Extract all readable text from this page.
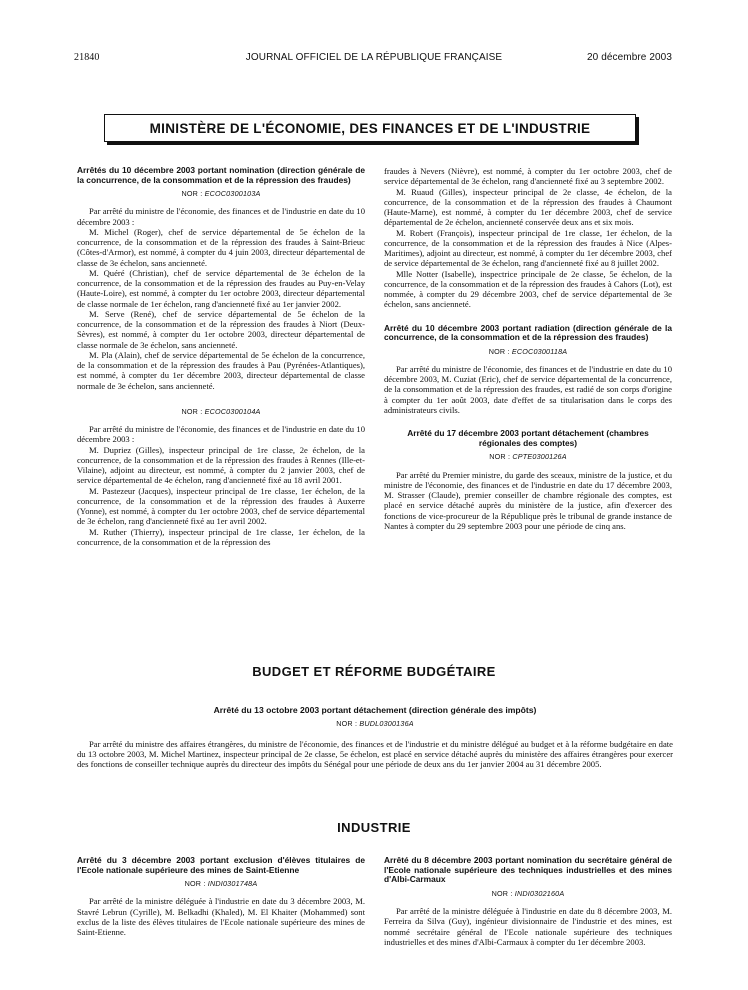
21840	JOURNAL OFFICIEL DE LA RÉPUBLIQUE FRANÇAISE	20 décembre 2003
MINISTÈRE DE L'ÉCONOMIE, DES FINANCES ET DE L'INDUSTRIE
Arrêtés du 10 décembre 2003 portant nomination (direction générale de la concurrence, de la consommation et de la répression des fraudes)
NOR : ECOC0300103A

Par arrêté du ministre de l'économie, des finances et de l'industrie en date du 10 décembre 2003 :

M. Michel (Roger), chef de service départemental de 5e échelon de la concurrence, de la consommation et de la répression des fraudes à Saint-Brieuc (Côtes-d'Armor), est nommé, à compter du 4 juin 2003, directeur départemental de classe de 3e échelon, sans ancienneté.

M. Quéré (Christian), chef de service départemental de 3e échelon de la concurrence, de la consommation et de la répression des fraudes au Puy-en-Velay (Haute-Loire), est nommé, à compter du 1er octobre 2003, directeur départemental de classe normale de 1er échelon, rang d'ancienneté fixé au 1er janvier 2002.

M. Serve (René), chef de service départemental de 5e échelon de la concurrence, de la consommation et de la répression des fraudes à Niort (Deux-Sèvres), est nommé, à compter du 1er octobre 2003, directeur départemental de classe normale de 3e échelon, sans ancienneté.

M. Pla (Alain), chef de service départemental de 5e échelon de la concurrence, de la consommation et de la répression des fraudes à Pau (Pyrénées-Atlantiques), est nommé, à compter du 1er décembre 2003, directeur départemental de classe normale de 3e échelon, sans ancienneté.

NOR : ECOC0300104A

Par arrêté du ministre de l'économie, des finances et de l'industrie en date du 10 décembre 2003 :

M. Dupriez (Gilles), inspecteur principal de 1re classe, 2e échelon, de la concurrence, de la consommation et de la répression des fraudes à Rennes (Ille-et-Vilaine), adjoint au directeur, est nommé, à compter du 2 janvier 2003, chef de service départemental de 4e échelon, rang d'ancienneté fixé au 18 avril 2001.

M. Pastezeur (Jacques), inspecteur principal de 1re classe, 1er échelon, de la concurrence, de la consommation et de la répression des fraudes à Auxerre (Yonne), est nommé, à compter du 1er octobre 2003, chef de service départemental de 3e échelon, rang d'ancienneté fixé au 1er avril 2002.

M. Ruther (Thierry), inspecteur principal de 1re classe, 1er échelon, de la concurrence, de la consommation et de la répression des

fraudes à Nevers (Nièvre), est nommé, à compter du 1er octobre 2003, chef de service départemental de 3e échelon, rang d'ancienneté fixé au 3 septembre 2002.

M. Ruaud (Gilles), inspecteur principal de 2e classe, 4e échelon, de la concurrence, de la consommation et de la répression des fraudes à Chaumont (Haute-Marne), est nommé, à compter du 1er décembre 2003, chef de service départemental de 2e échelon, ancienneté conservée deux ans et six mois.

M. Robert (François), inspecteur principal de 1re classe, 1er échelon, de la concurrence, de la consommation et de la répression des fraudes à Nice (Alpes-Maritimes), adjoint au directeur, est nommé, à compter du 1er décembre 2003, chef de service départemental de 3e échelon, rang d'ancienneté fixé au 8 juillet 2002.

Mlle Notter (Isabelle), inspectrice principale de 2e classe, 5e échelon, de la concurrence, de la consommation et de la répression des fraudes à Cahors (Lot), est nommée, à compter du 29 décembre 2003, chef de service départemental de 3e échelon, sans ancienneté.

Arrêté du 10 décembre 2003 portant radiation (direction générale de la concurrence, de la consommation et de la répression des fraudes)
NOR : ECOC0300118A

Par arrêté du ministre de l'économie, des finances et de l'industrie en date du 10 décembre 2003, M. Cuziat (Eric), chef de service départemental de la concurrence, de la consommation et de la répression des fraudes, est radié de son corps d'origine à compter du 1er août 2003, date d'effet de sa titularisation dans le corps des administrateurs civils.

Arrêté du 17 décembre 2003 portant détachement (chambres régionales des comptes)
NOR : CPTE0300126A

Par arrêté du Premier ministre, du garde des sceaux, ministre de la justice, et du ministre de l'économie, des finances et de l'industrie en date du 17 décembre 2003, M. Strasser (Claude), premier conseiller de chambre régionale des comptes, est placé en service détaché auprès du ministère de la justice, afin d'exercer des fonctions de vice-procureur de la République près le tribunal de grande instance de Nantes à compter du 29 septembre 2003 pour une période de cinq ans.

BUDGET ET RÉFORME BUDGÉTAIRE
Arrêté du 13 octobre 2003 portant détachement (direction générale des impôts)
NOR : BUDL0300136A

Par arrêté du ministre des affaires étrangères, du ministre de l'économie, des finances et de l'industrie et du ministre délégué au budget et à la réforme budgétaire en date du 13 octobre 2003, M. Michel Martinez, inspecteur principal de 2e classe, 5e échelon, est placé en service détaché auprès du ministère des affaires étrangères pour exercer des fonctions de conseiller technique auprès du directeur des impôts du Sénégal pour une période de deux ans du 1er janvier 2004 au 31 décembre 2005.

INDUSTRIE
Arrêté du 3 décembre 2003 portant exclusion d'élèves titulaires de l'Ecole nationale supérieure des mines de Saint-Etienne
NOR : INDI0301748A

Par arrêté de la ministre déléguée à l'industrie en date du 3 décembre 2003, M. Stavré Lebrun (Cyrille), M. Belkadhi (Khaled), M. El Khaiter (Mohammed) sont exclus de la liste des élèves titulaires de l'Ecole nationale supérieure des mines de Saint-Etienne.

Arrêté du 8 décembre 2003 portant nomination du secrétaire général de l'Ecole nationale supérieure des techniques industrielles et des mines d'Albi-Carmaux
NOR : INDI0302160A

Par arrêté de la ministre déléguée à l'industrie en date du 8 décembre 2003, M. Ferreira da Silva (Guy), ingénieur divisionnaire de l'industrie et des mines, est nommé secrétaire général de l'Ecole nationale supérieure des techniques industrielles et des mines d'Albi-Carmaux à compter du 1er décembre 2003.
